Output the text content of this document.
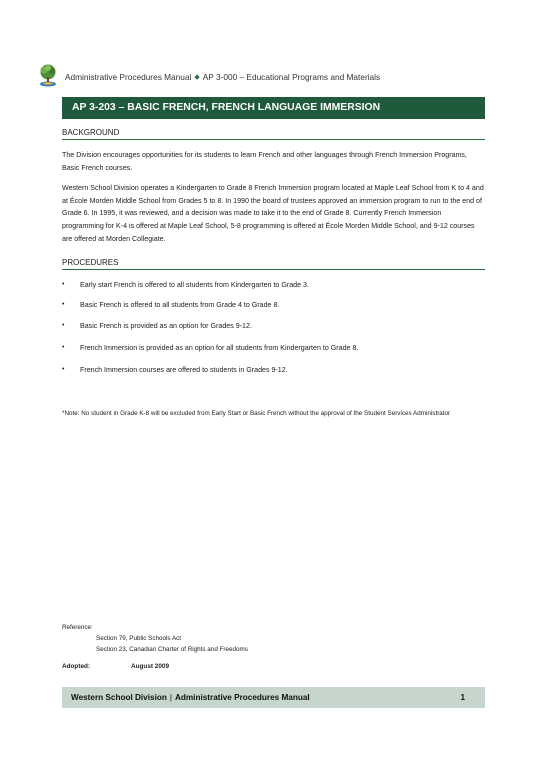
Administrative Procedures Manual ◆ AP 3-000 – Educational Programs and Materials
AP 3-203 – BASIC FRENCH, FRENCH LANGUAGE IMMERSION
BACKGROUND

The Division encourages opportunities for its students to learn French and other languages through French Immersion Programs, Basic French courses.

Western School Division operates a Kindergarten to Grade 8 French Immersion program located at Maple Leaf School from K to 4 and at École Morden Middle School from Grades 5 to 8. In 1990 the board of trustees approved an immersion program to run to the end of Grade 6. In 1995, it was reviewed, and a decision was made to take it to the end of Grade 8. Currently French Immersion programming for K-4 is offered at Maple Leaf School, 5-8 programming is offered at École Morden Middle School, and 9-12 courses are offered at Morden Collegiate.

PROCEDURES
• Early start French is offered to all students from Kindergarten to Grade 3.
• Basic French is offered to all students from Grade 4 to Grade 8.
• Basic French is provided as an option for Grades 9-12.
• French Immersion is provided as an option for all students from Kindergarten to Grade 8.
• French Immersion courses are offered to students in Grades 9-12.

*Note: No student in Grade K-8 will be excluded from Early Start or Basic French without the approval of the Student Services Administrator

Reference:
Section 79, Public Schools Act
Section 23, Canadian Charter of Rights and Freedoms
Adopted:	August 2009
Western School Division | Administrative Procedures Manual	1
